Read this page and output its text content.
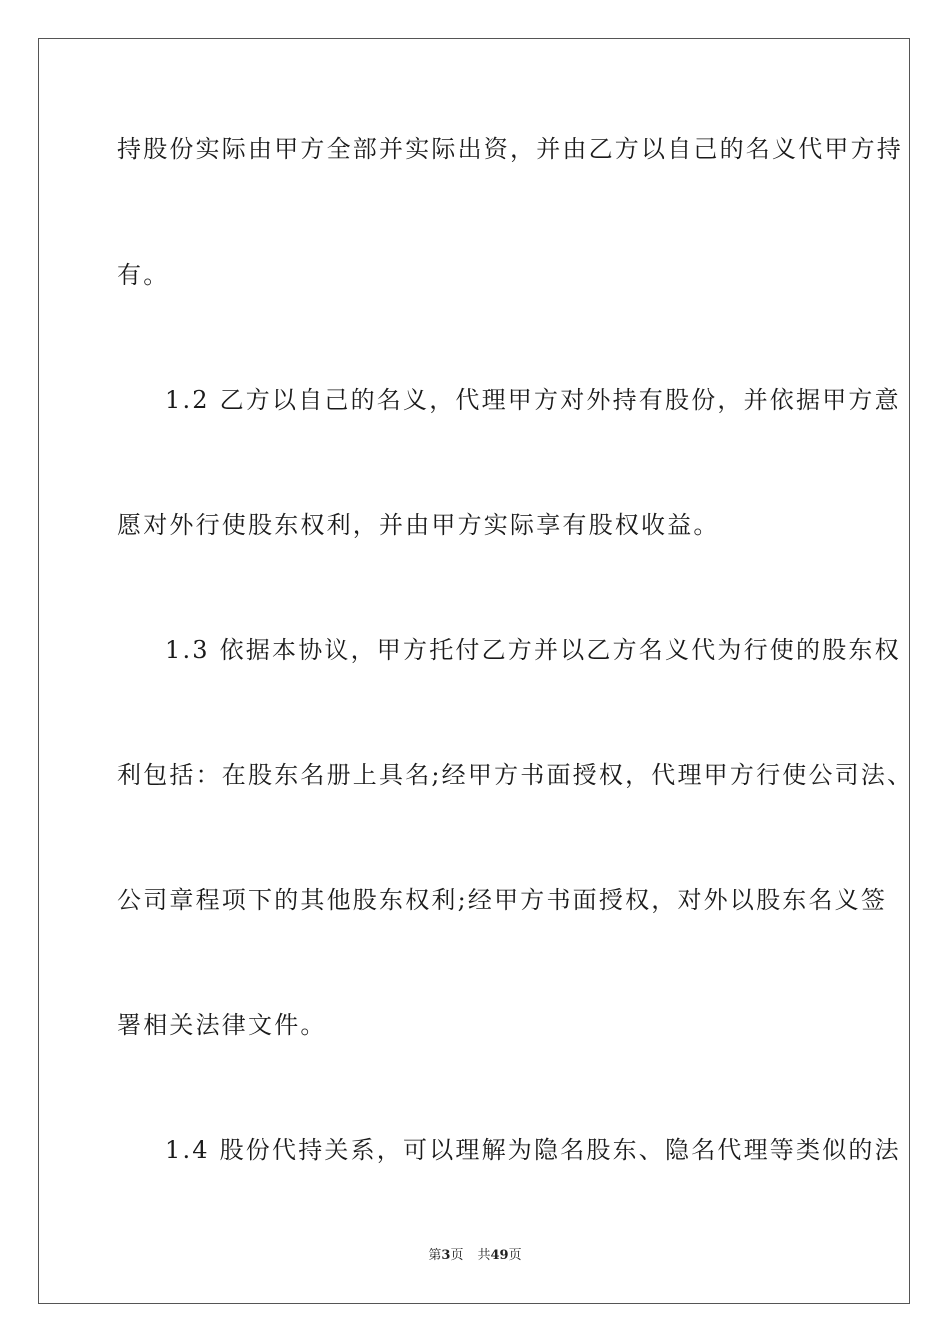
持股份实际由甲方全部并实际出资，并由乙方以自己的名义代甲方持
有。
1.2 乙方以自己的名义，代理甲方对外持有股份，并依据甲方意
愿对外行使股东权利，并由甲方实际享有股权收益。
1.3 依据本协议，甲方托付乙方并以乙方名义代为行使的股东权
利包括：在股东名册上具名;经甲方书面授权，代理甲方行使公司法、
公司章程项下的其他股东权利;经甲方书面授权，对外以股东名义签
署相关法律文件。
1.4 股份代持关系，可以理解为隐名股东、隐名代理等类似的法
第3页 共49页
